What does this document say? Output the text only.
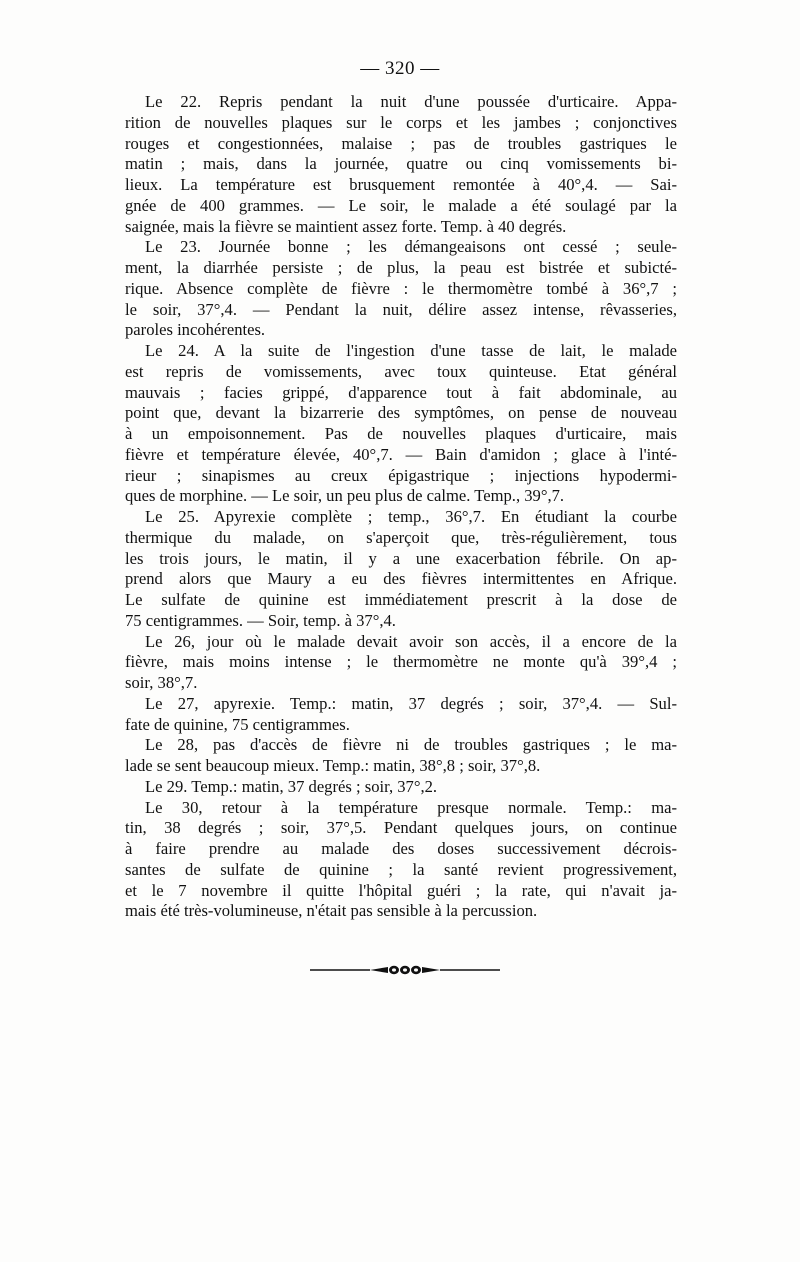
— 320 —
Le 22. Repris pendant la nuit d'une poussée d'urticaire. Appa-
rition de nouvelles plaques sur le corps et les jambes ; conjonctives
rouges et congestionnées, malaise ; pas de troubles gastriques le
matin ; mais, dans la journée, quatre ou cinq vomissements bi-
lieux. La température est brusquement remontée à 40°,4. — Sai-
gnée de 400 grammes. — Le soir, le malade a été soulagé par la
saignée, mais la fièvre se maintient assez forte. Temp. à 40 degrés.
Le 23. Journée bonne ; les démangeaisons ont cessé ; seule-
ment, la diarrhée persiste ; de plus, la peau est bistrée et subicté-
rique. Absence complète de fièvre : le thermomètre tombé à 36°,7 ;
le soir, 37°,4. — Pendant la nuit, délire assez intense, rêvasseries,
paroles incohérentes.
Le 24. A la suite de l'ingestion d'une tasse de lait, le malade
est repris de vomissements, avec toux quinteuse. Etat général
mauvais ; facies grippé, d'apparence tout à fait abdominale, au
point que, devant la bizarrerie des symptômes, on pense de nouveau
à un empoisonnement. Pas de nouvelles plaques d'urticaire, mais
fièvre et température élevée, 40°,7. — Bain d'amidon ; glace à l'inté-
rieur ; sinapismes au creux épigastrique ; injections hypodermi-
ques de morphine. — Le soir, un peu plus de calme. Temp., 39°,7.
Le 25. Apyrexie complète ; temp., 36°,7. En étudiant la courbe
thermique du malade, on s'aperçoit que, très-régulièrement, tous
les trois jours, le matin, il y a une exacerbation fébrile. On ap-
prend alors que Maury a eu des fièvres intermittentes en Afrique.
Le sulfate de quinine est immédiatement prescrit à la dose de
75 centigrammes. — Soir, temp. à 37°,4.
Le 26, jour où le malade devait avoir son accès, il a encore de la
fièvre, mais moins intense ; le thermomètre ne monte qu'à 39°,4 ;
soir, 38°,7.
Le 27, apyrexie. Temp.: matin, 37 degrés ; soir, 37°,4. — Sul-
fate de quinine, 75 centigrammes.
Le 28, pas d'accès de fièvre ni de troubles gastriques ; le ma-
lade se sent beaucoup mieux. Temp.: matin, 38°,8 ; soir, 37°,8.
Le 29. Temp.: matin, 37 degrés ; soir, 37°,2.
Le 30, retour à la température presque normale. Temp.: ma-
tin, 38 degrés ; soir, 37°,5. Pendant quelques jours, on continue
à faire prendre au malade des doses successivement décrois-
santes de sulfate de quinine ; la santé revient progressivement,
et le 7 novembre il quitte l'hôpital guéri ; la rate, qui n'avait ja-
mais été très-volumineuse, n'était pas sensible à la percussion.
